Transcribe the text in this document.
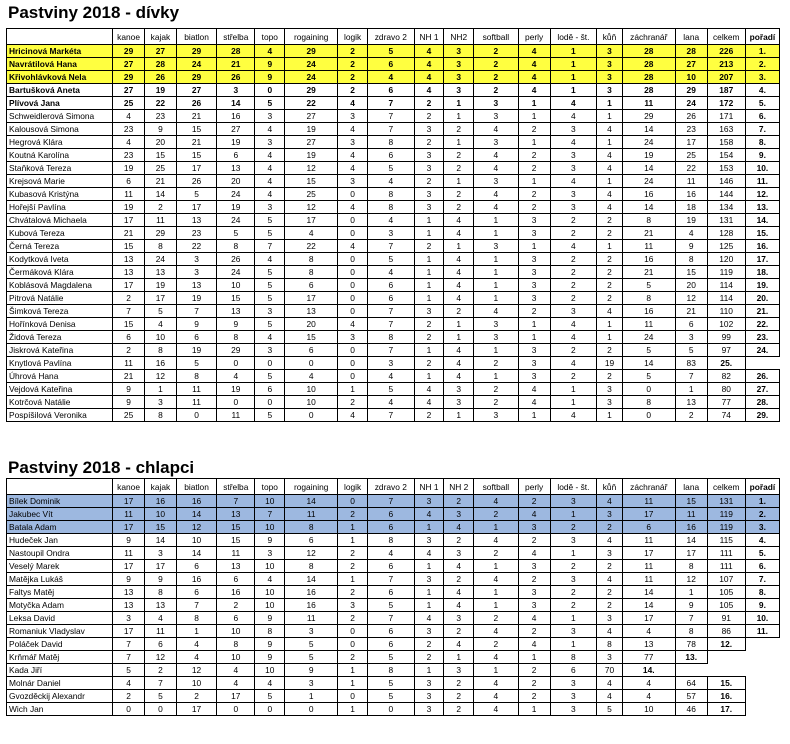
Pastviny 2018 - dívky
	kanoe	kajak	biatlon	střelba	topo	rogaining	logik	zdravo 2	NH 1	NH2	softball	perly	lodě - št.	kůň	záchranář	lana	celkem	pořadí
Hricinová Markéta	29	27	29	28	4	29	2	5	4	3	2	4	1	3	28	28	226	1.
Navrátilová Hana	27	28	24	21	9	24	2	6	4	3	2	4	1	3	28	27	213	2.
Křivohlávková Nela	29	26	29	26	9	24	2	4	4	3	2	4	1	3	28	10	207	3.
Bartušková Aneta	27	19	27	3	0	29	2	6	4	3	2	4	1	3	28	29	187	4.
Plívová Jana	25	22	26	14	5	22	4	7	2	1	3	1	4	1	11	24	172	5.
Schweidlerová Simona	4	23	21	16	3	27	3	7	2	1	3	1	4	1	29	26	171	6.
Kalousová Simona	23	9	15	27	4	19	4	7	3	2	4	2	3	4	14	23	163	7.
Hegrová Klára	4	20	21	19	3	27	3	8	2	1	3	1	4	1	24	17	158	8.
Koutná Karolína	23	15	15	6	4	19	4	6	3	2	4	2	3	4	19	25	154	9.
Staňková Tereza	19	25	17	13	4	12	4	5	3	2	4	2	3	4	14	22	153	10.
Krejsová Marie	6	21	26	20	4	15	3	4	2	1	3	1	4	1	24	11	146	11.
Kubasová Kristýna	11	14	5	24	4	25	0	8	3	2	4	2	3	4	16	16	144	12.
Hořejší Pavlína	19	2	17	19	3	12	4	8	3	2	4	2	3	4	14	18	134	13.
Chvátalová Michaela	17	11	13	24	5	17	0	4	1	4	1	3	2	2	8	19	131	14.
Kubová Tereza	21	29	23	5	5	4	0	3	1	4	1	3	2	2	21	4	128	15.
Černá Tereza	15	8	22	8	7	22	4	7	2	1	3	1	4	1	11	9	125	16.
Kodytková Iveta	13	24	3	26	4	8	0	5	1	4	1	3	2	2	16	8	120	17.
Čermáková Klára	13	13	3	24	5	8	0	4	1	4	1	3	2	2	21	15	119	18.
Koblásová Magdalena	17	19	13	10	5	6	0	6	1	4	1	3	2	2	5	20	114	19.
Pitrová Natálie	2	17	19	15	5	17	0	6	1	4	1	3	2	2	8	12	114	20.
Šimková Tereza	7	5	7	13	3	13	0	7	3	2	4	2	3	4	16	21	110	21.
Hořínková Denisa	15	4	9	9	5	20	4	7	2	1	3	1	4	1	11	6	102	22.
Židová Tereza	6	10	6	8	4	15	3	8	2	1	3	1	4	1	24	3	99	23.
Jiskrová Kateřina	2	8	19	29	3	6	0	7	1	4	1	3	2	2	5	5	97	24.
Knytlová Pavlína	11	16	5	0	0	0	0	3	2	4	2	3	4	19	14	83	25.	
Úhrová Hana	21	12	8	4	5	4	0	4	1	4	1	3	2	2	5	7	82	26.
Vejdová Kateřina	9	1	11	19	6	10	1	5	4	3	2	4	1	3	0	1	80	27.
Kotrčová Natálie	9	3	11	0	0	10	2	4	4	3	2	4	1	3	8	13	77	28.
Pospíšilová Veronika	25	8	0	11	5	0	4	7	2	1	3	1	4	1	0	2	74	29.
Pastviny 2018 - chlapci
	kanoe	kajak	biatlon	střelba	topo	rogaining	logik	zdravo 2	NH 1	NH 2	softball	perly	lodě - št.	kůň	záchranář	lana	celkem	pořadí
Bílek Dominik	17	16	16	7	10	14	0	7	3	2	4	2	3	4	11	15	131	1.
Jakubec Vít	11	10	14	13	7	11	2	6	4	3	2	4	1	3	17	11	119	2.
Batala Adam	17	15	12	15	10	8	1	6	1	4	1	3	2	2	6	16	119	3.
Hudeček Jan	9	14	10	15	9	6	1	8	3	2	4	2	3	4	11	14	115	4.
Nastoupil Ondra	11	3	14	11	3	12	2	4	4	3	2	4	1	3	17	17	111	5.
Veselý Marek	17	17	6	13	10	8	2	6	1	4	1	3	2	2	11	8	111	6.
Matějka Lukáš	9	9	16	6	4	14	1	7	3	2	4	2	3	4	11	12	107	7.
Faltys Matěj	13	8	6	16	10	16	2	6	1	4	1	3	2	2	14	1	105	8.
Motyčka Adam	13	13	7	2	10	16	3	5	1	4	1	3	2	2	14	9	105	9.
Leksa David	3	4	8	6	9	11	2	7	4	3	2	4	1	3	17	7	91	10.
Romaniuk Vladyslav	17	11	1	10	8	3	0	6	3	2	4	2	3	4	4	8	86	11.
Poláček David	7	6	4	8	9	5	0	6	2	4	2	4	1	8	13	78	12.	
Krňmář Matěj	7	12	4	10	9	5	2	5	2	1	4	1	8	3	77	13.		
Kada Jiří	5	2	12	4	10	9	1	8	1	3	1	2	6	70	14.			
Molnár Daniel	4	7	10	4	4	3	1	5	3	2	4	2	3	4	4	64	15.	
Gvozděckij Alexandr	2	5	2	17	5	1	0	5	3	2	4	2	3	4	4	57	16.	
Wich Jan	0	0	17	0	0	0	1	0	3	2	4	1	3	5	10	46	17.	
